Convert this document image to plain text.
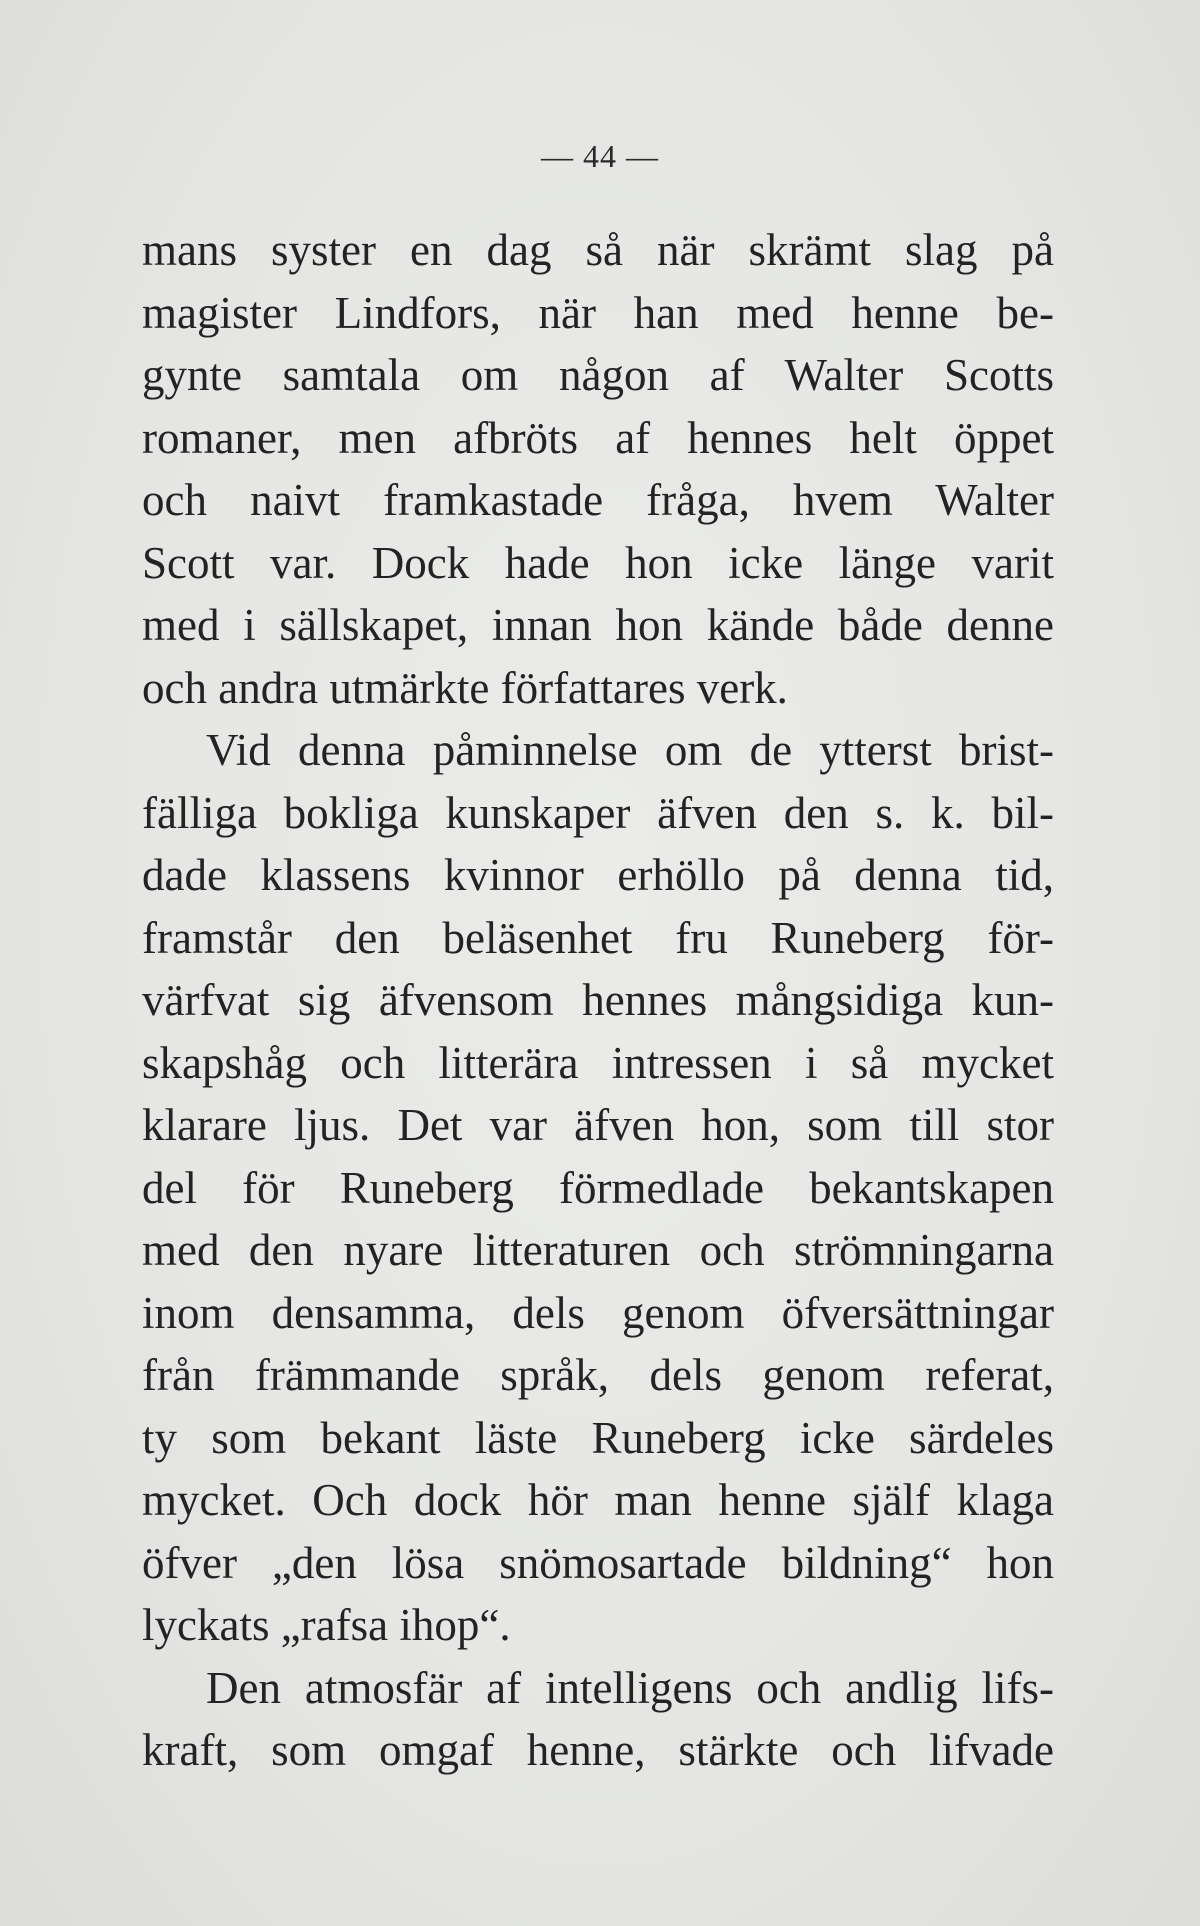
— 44 —
mans syster en dag så när skrämt slag på
magister Lindfors, när han med henne be-
gynte samtala om någon af Walter Scotts
romaner, men afbröts af hennes helt öppet
och naivt framkastade fråga, hvem Walter
Scott var. Dock hade hon icke länge varit
med i sällskapet, innan hon kände både denne
och andra utmärkte författares verk.
Vid denna påminnelse om de ytterst brist-
fälliga bokliga kunskaper äfven den s. k. bil-
dade klassens kvinnor erhöllo på denna tid,
framstår den beläsenhet fru Runeberg för-
värfvat sig äfvensom hennes mångsidiga kun-
skapshåg och litterära intressen i så mycket
klarare ljus. Det var äfven hon, som till stor
del för Runeberg förmedlade bekantskapen
med den nyare litteraturen och strömningarna
inom densamma, dels genom öfversättningar
från främmande språk, dels genom referat,
ty som bekant läste Runeberg icke särdeles
mycket. Och dock hör man henne själf klaga
öfver „den lösa snömosartade bildning“ hon
lyckats „rafsa ihop“.
Den atmosfär af intelligens och andlig lifs-
kraft, som omgaf henne, stärkte och lifvade
